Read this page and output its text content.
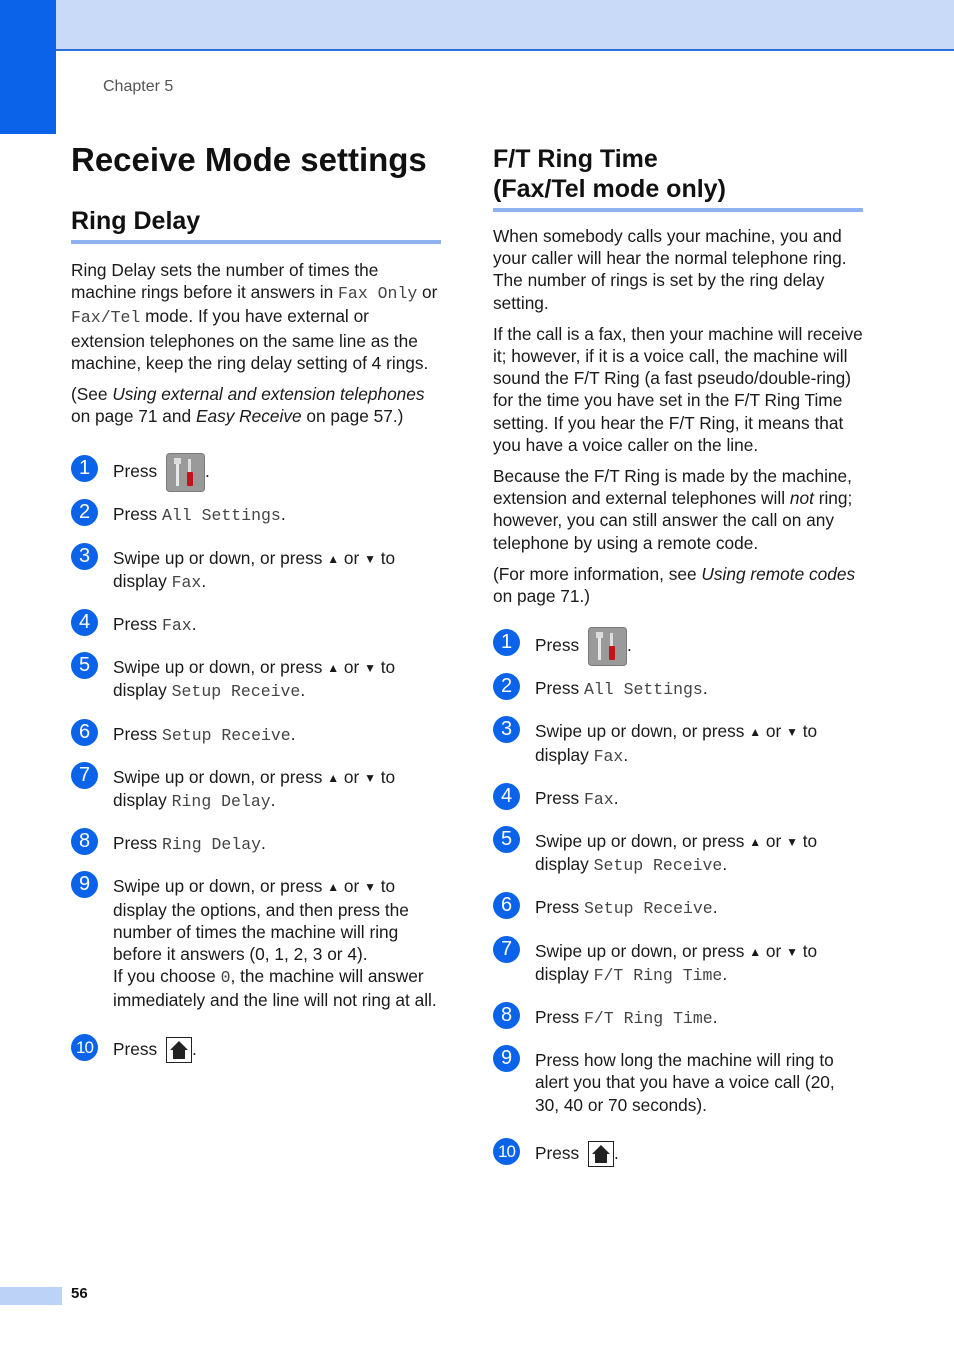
Chapter 5
Receive Mode settings
Ring Delay

Ring Delay sets the number of times the machine rings before it answers in Fax Only or Fax/Tel mode. If you have external or extension telephones on the same line as the machine, keep the ring delay setting of 4 rings.

(See Using external and extension telephones on page 71 and Easy Receive on page 57.)

1	Press	.
2	Press All Settings.
3	Swipe up or down, or press ▲ or ▼ to display Fax.
4	Press Fax.
5	Swipe up or down, or press ▲ or ▼ to display Setup Receive.
6	Press Setup Receive.
7	Swipe up or down, or press ▲ or ▼ to display Ring Delay.
8	Press Ring Delay.
9	Swipe up or down, or press ▲ or ▼ to display the options, and then press the number of times the machine will ring before it answers (0, 1, 2, 3 or 4).
If you choose 0, the machine will answer immediately and the line will not ring at all.
10 Press .
F/T Ring Time
(Fax/Tel mode only)

When somebody calls your machine, you and your caller will hear the normal telephone ring. The number of rings is set by the ring delay setting.

If the call is a fax, then your machine will receive it; however, if it is a voice call, the machine will sound the F/T Ring (a fast pseudo/double-ring) for the time you have set in the F/T Ring Time setting. If you hear the F/T Ring, it means that you have a voice caller on the line.

Because the F/T Ring is made by the machine, extension and external telephones will not ring; however, you can still answer the call on any telephone by using a remote code.

(For more information, see Using remote codes on page 71.)

1	Press	.
2	Press All Settings.
3	Swipe up or down, or press ▲ or ▼ to display Fax.
4	Press Fax.
5	Swipe up or down, or press ▲ or ▼ to display Setup Receive.
6	Press Setup Receive.
7	Swipe up or down, or press ▲ or ▼ to display F/T Ring Time.
8	Press F/T Ring Time.
9	Press how long the machine will ring to alert you that you have a voice call (20, 30, 40 or 70 seconds).
10 Press .
56
